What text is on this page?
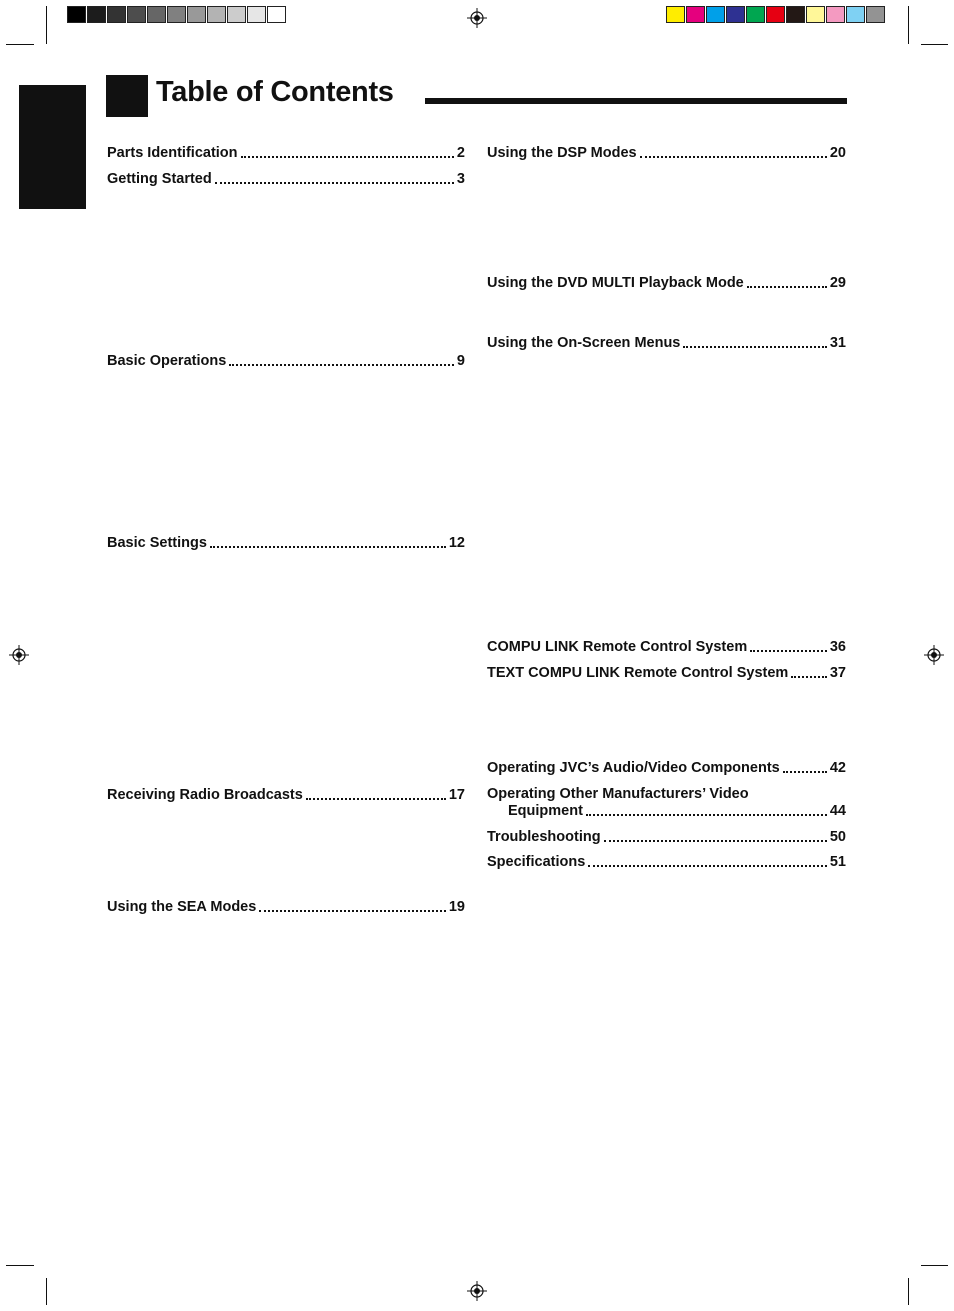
Table of Contents
Parts Identification	2
Getting Started	3
Basic Operations	9
Basic Settings	12
Receiving Radio Broadcasts	17
Using the SEA Modes	19
Using the DSP Modes	20
Using the DVD MULTI Playback Mode	29
Using the On-Screen Menus	31
COMPU LINK Remote Control System	36
TEXT COMPU LINK Remote Control System	37
Operating JVC’s Audio/Video Components	42
Operating Other Manufacturers’ Video
Equipment	44
Troubleshooting	50
Specifications	51
